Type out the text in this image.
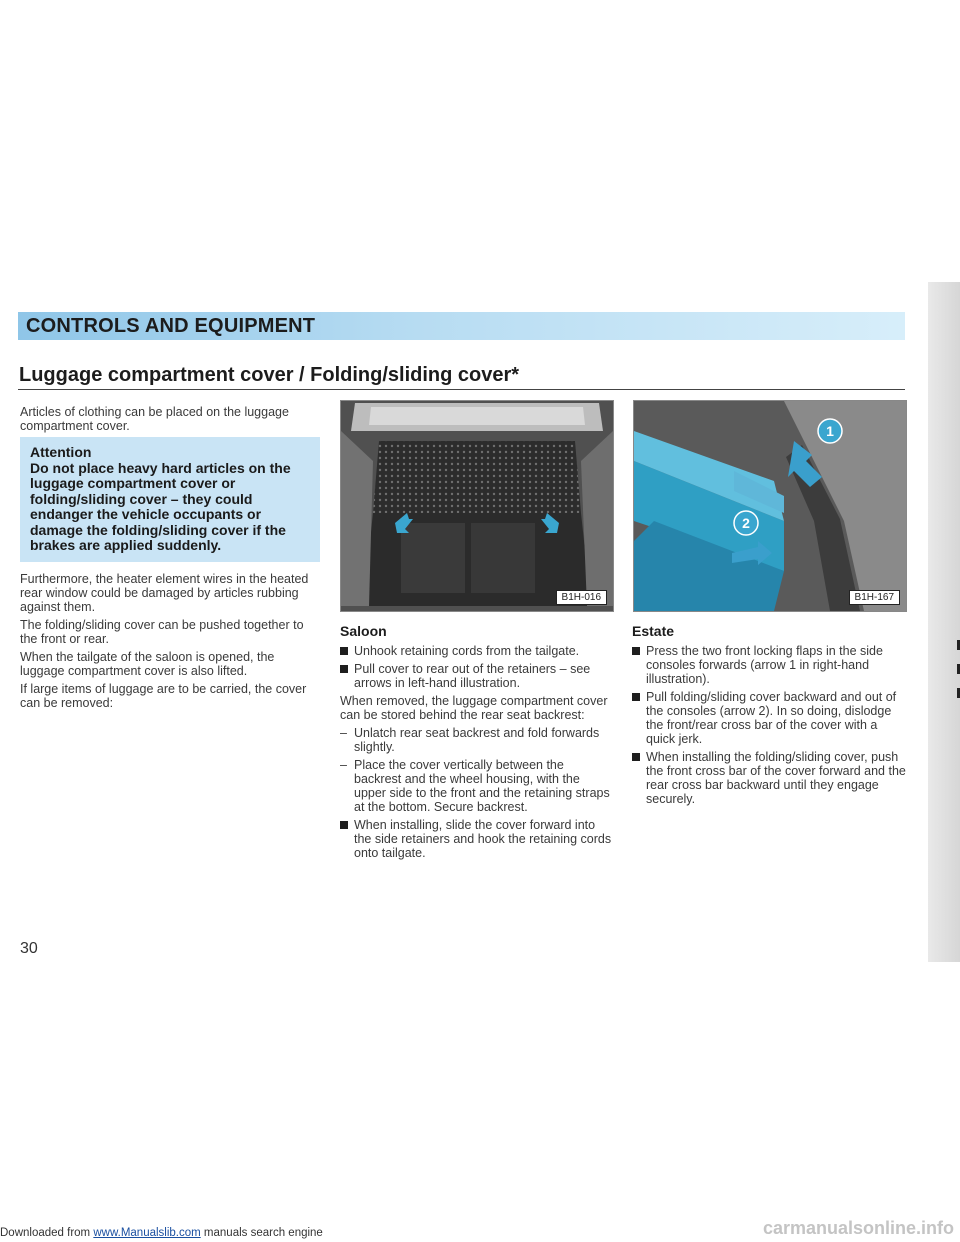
CONTROLS AND EQUIPMENT
Luggage compartment cover / Folding/sliding cover*

Articles of clothing can be placed on the luggage compartment cover.

Attention
Do not place heavy hard articles on the luggage compartment cover or folding/sliding cover – they could endanger the vehicle occupants or damage the folding/sliding cover if the brakes are applied suddenly.

Furthermore, the heater element wires in the heated rear window could be damaged by articles rubbing against them.

The folding/sliding cover can be pushed together to the front or rear.

When the tailgate of the saloon is opened, the luggage compartment cover is also lifted.

If large items of luggage are to be carried, the cover can be removed:

B1H-016
1
2
B1H-167
Saloon

Unhook retaining cords from the tailgate.

Pull cover to rear out of the retainers – see arrows in left-hand illustration.

When removed, the luggage compartment cover can be stored behind the rear seat backrest:

– Unlatch rear seat backrest and fold forwards slightly.

– Place the cover vertically between the backrest and the wheel housing, with the upper side to the front and the retaining straps at the bottom. Secure backrest.

When installing, slide the cover forward into the side retainers and hook the retaining cords onto tailgate.

Estate

Press the two front locking flaps in the side consoles forwards (arrow 1 in right-hand illustration).

Pull folding/sliding cover backward and out of the consoles (arrow 2). In so doing, dislodge the front/rear cross bar of the cover with a quick jerk.

When installing the folding/sliding cover, push the front cross bar of the cover forward and the rear cross bar backward until they engage securely.

30
Downloaded from www.Manualslib.com manuals search engine	carmanualsonline.info
